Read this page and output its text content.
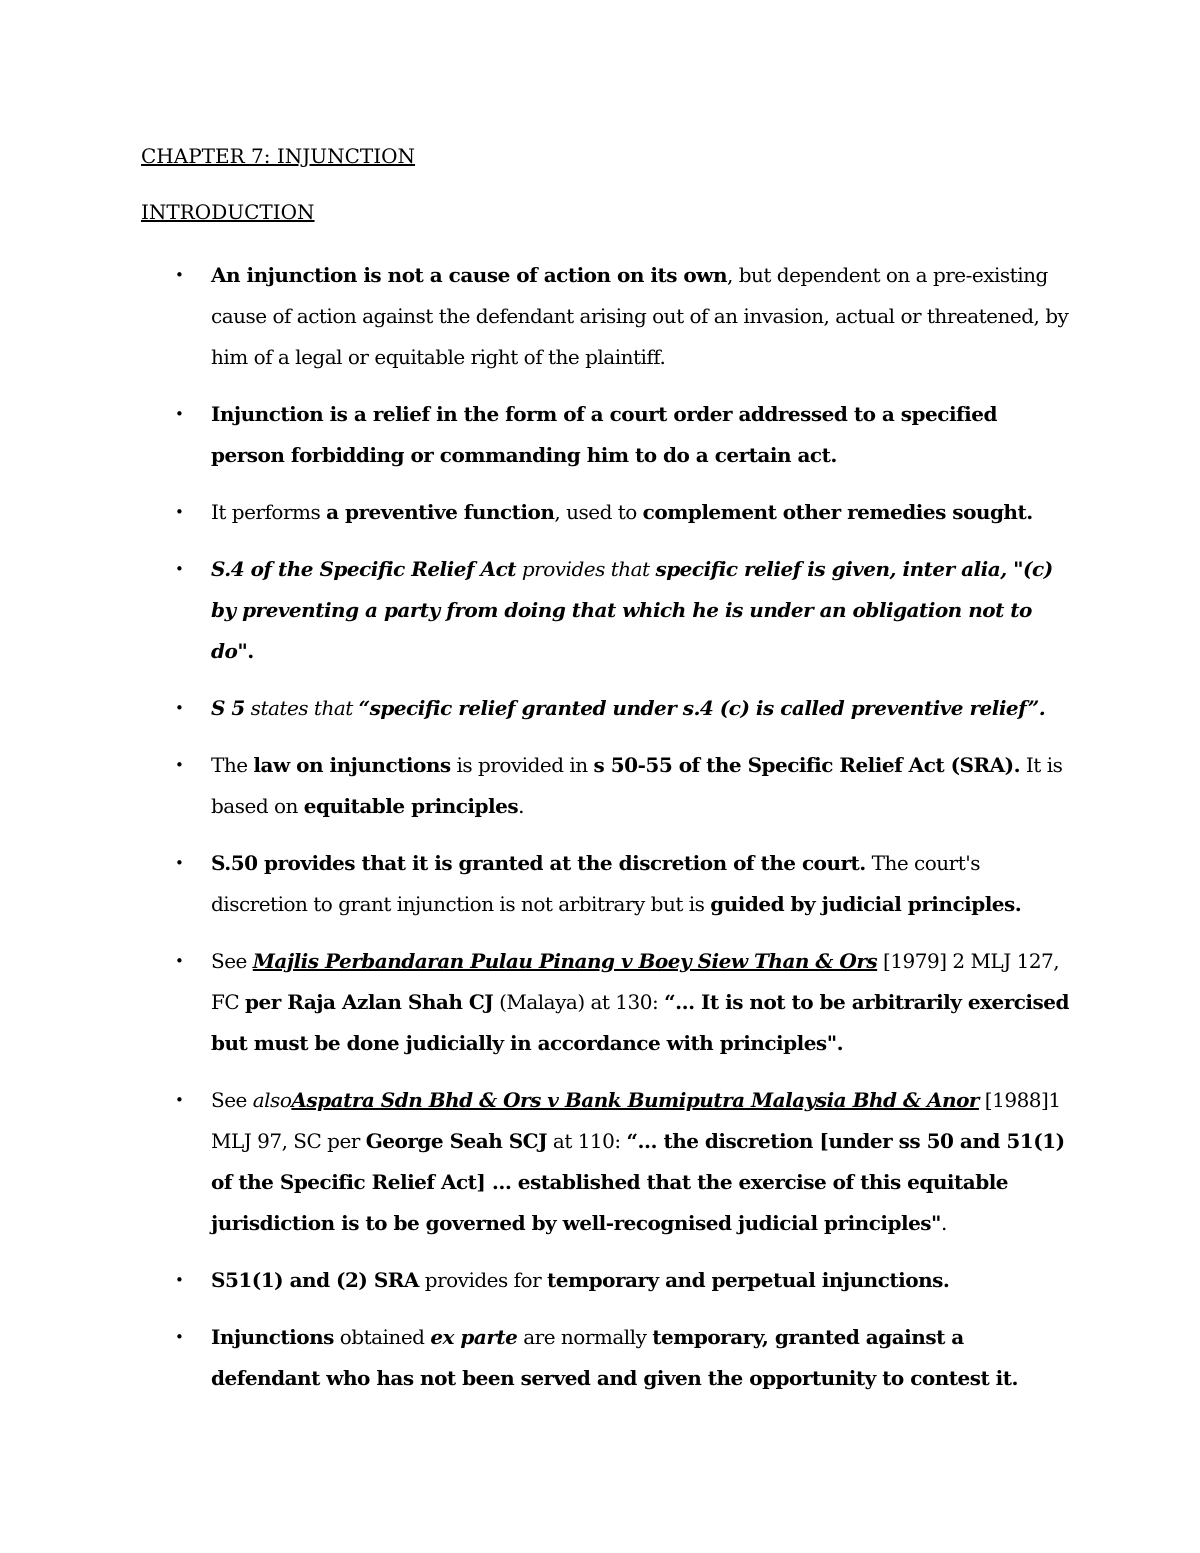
CHAPTER 7: INJUNCTION
INTRODUCTION
• An injunction is not a cause of action on its own, but dependent on a pre-existing cause of action against the defendant arising out of an invasion, actual or threatened, by him of a legal or equitable right of the plaintiff.
• Injunction is a relief in the form of a court order addressed to a specified person forbidding or commanding him to do a certain act.
• It performs a preventive function, used to complement other remedies sought.
• S.4 of the Specific Relief Act provides that specific relief is given, inter alia, "(c) by preventing a party from doing that which he is under an obligation not to do".
• S 5 states that “specific relief granted under s.4 (c) is called preventive relief”.
• The law on injunctions is provided in s 50-55 of the Specific Relief Act (SRA). It is based on equitable principles.
• S.50 provides that it is granted at the discretion of the court. The court's discretion to grant injunction is not arbitrary but is guided by judicial principles.
• See Majlis Perbandaran Pulau Pinang v Boey Siew Than & Ors [1979] 2 MLJ 127, FC per Raja Azlan Shah CJ (Malaya) at 130: “… It is not to be arbitrarily exercised but must be done judicially in accordance with principles".
• See alsoAspatra Sdn Bhd & Ors v Bank Bumiputra Malaysia Bhd & Anor [1988]1 MLJ 97, SC per George Seah SCJ at 110: “… the discretion [under ss 50 and 51(1) of the Specific Relief Act] … established that the exercise of this equitable jurisdiction is to be governed by well-recognised judicial principles".
• S51(1) and (2) SRA provides for temporary and perpetual injunctions.
• Injunctions obtained ex parte are normally temporary, granted against a defendant who has not been served and given the opportunity to contest it.
